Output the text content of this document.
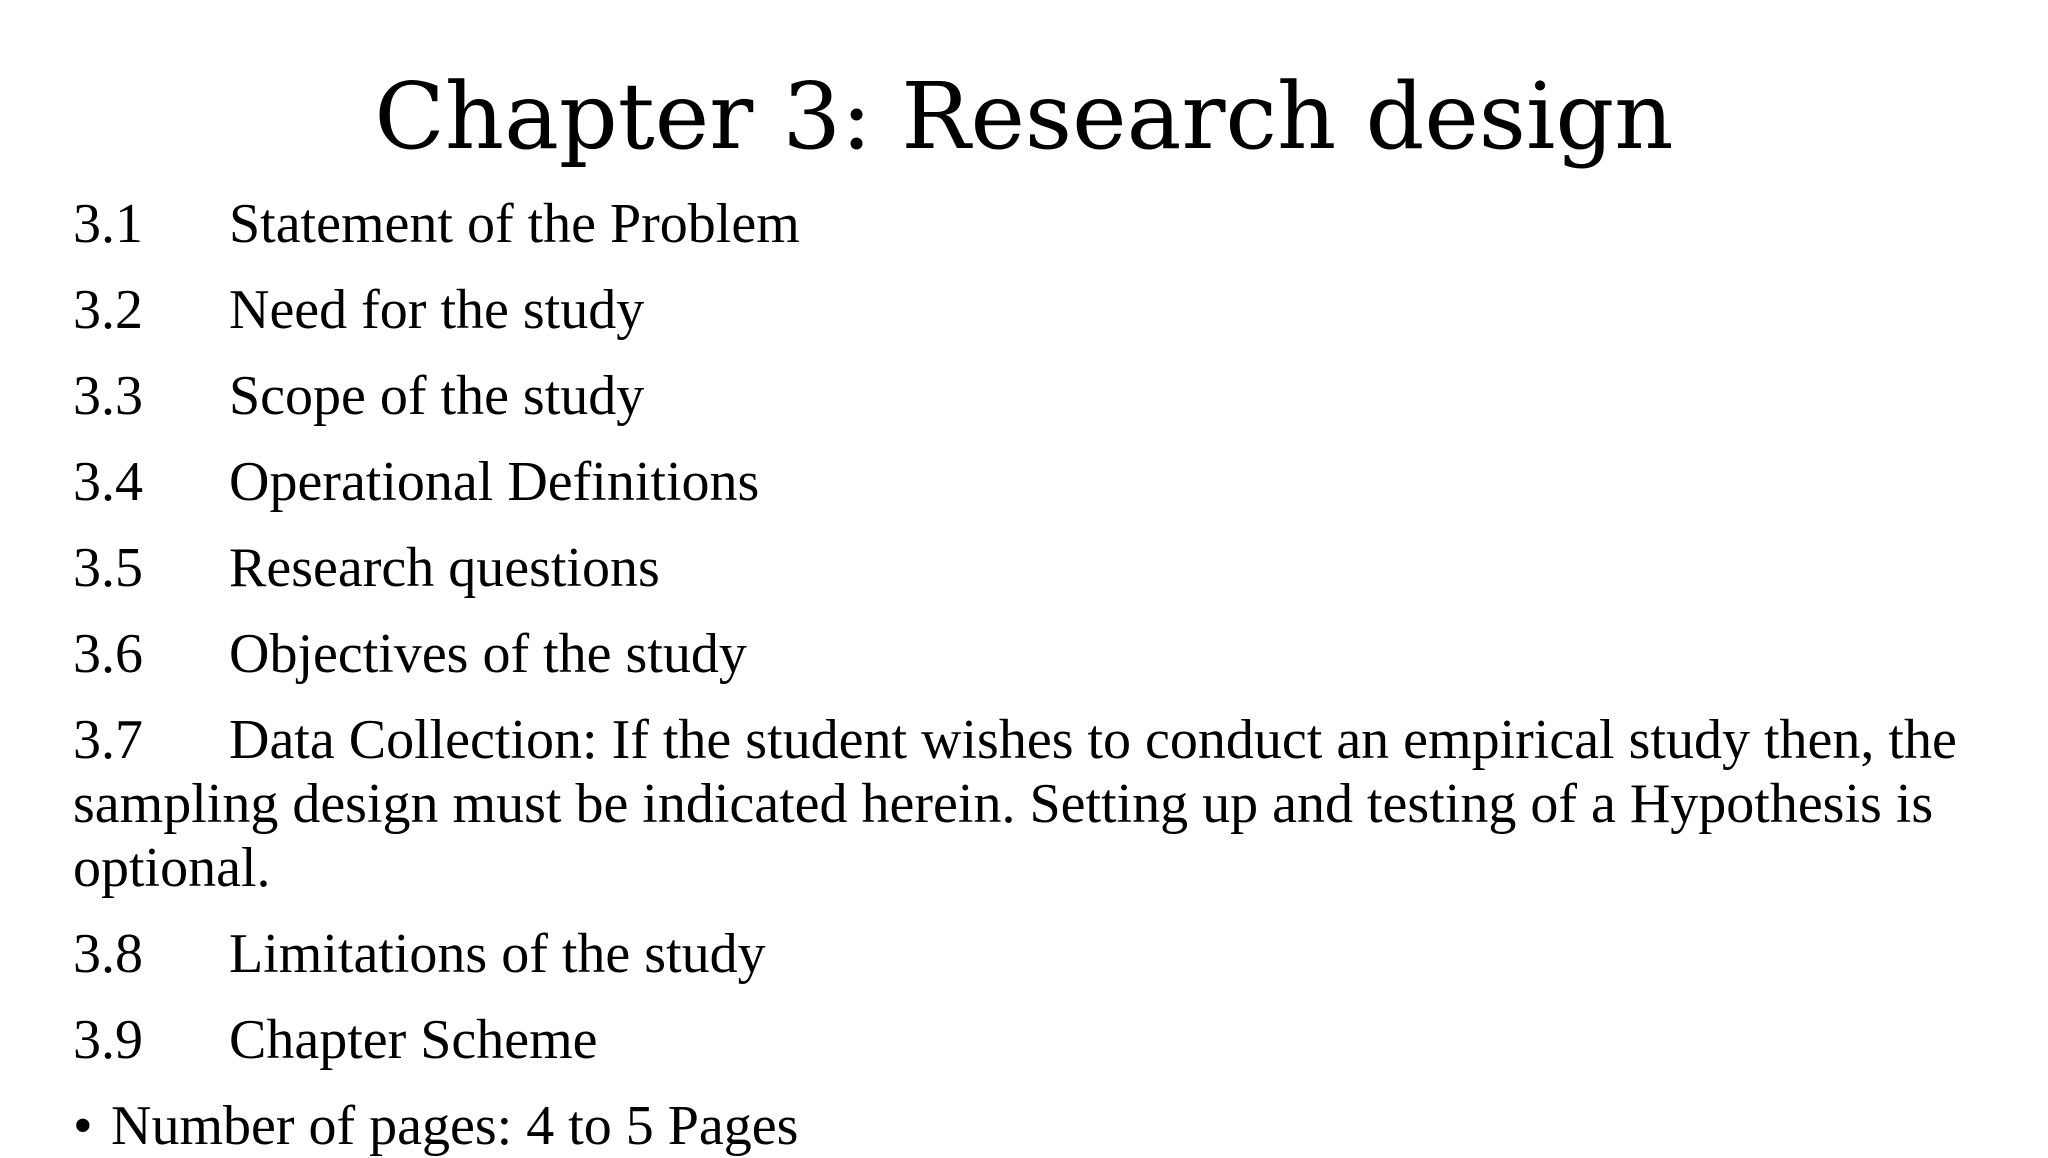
Chapter 3: Research design
3.1 Statement of the Problem
3.2 Need for the study
3.3 Scope of the study
3.4 Operational Definitions
3.5 Research questions
3.6 Objectives of the study
3.7 Data Collection: If the student wishes to conduct an empirical study then, the sampling design must be indicated herein. Setting up and testing of a Hypothesis is optional.
3.8 Limitations of the study
3.9 Chapter Scheme
• Number of pages: 4 to 5 Pages
